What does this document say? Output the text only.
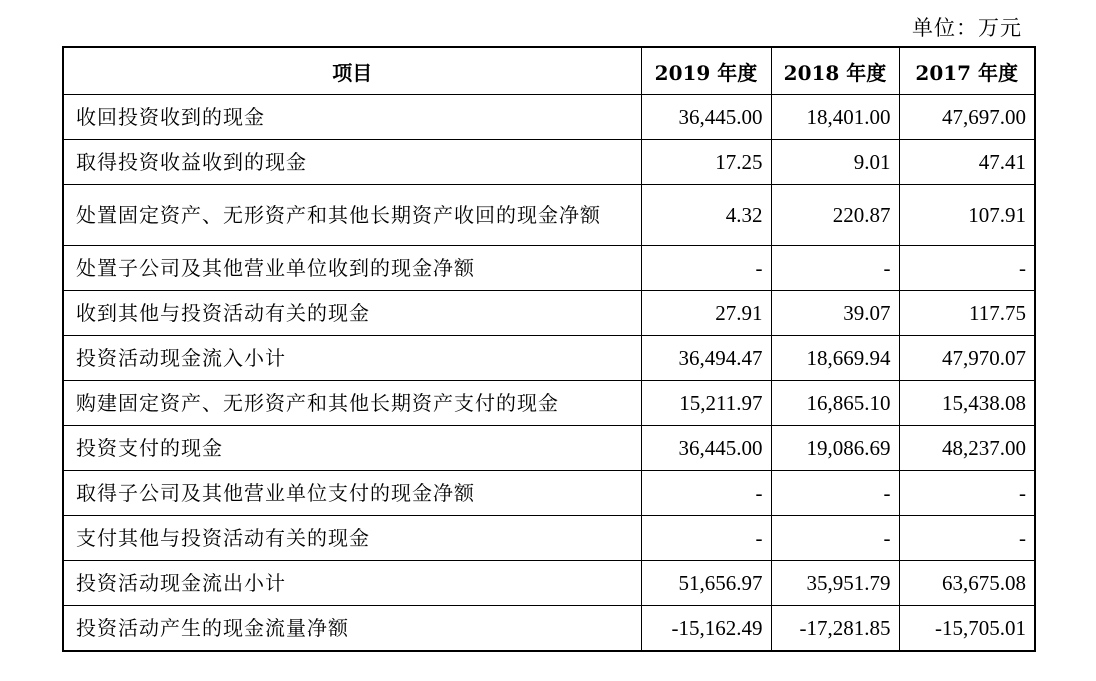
单位：万元
项目	2019 年度	2018 年度	2017 年度
收回投资收到的现金	36,445.00	18,401.00	47,697.00
取得投资收益收到的现金	17.25	9.01	47.41
处置固定资产、无形资产和其他长期资产收回的现金净额	4.32	220.87	107.91
处置子公司及其他营业单位收到的现金净额	-	-	-
收到其他与投资活动有关的现金	27.91	39.07	117.75
投资活动现金流入小计	36,494.47	18,669.94	47,970.07
购建固定资产、无形资产和其他长期资产支付的现金	15,211.97	16,865.10	15,438.08
投资支付的现金	36,445.00	19,086.69	48,237.00
取得子公司及其他营业单位支付的现金净额	-	-	-
支付其他与投资活动有关的现金	-	-	-
投资活动现金流出小计	51,656.97	35,951.79	63,675.08
投资活动产生的现金流量净额	-15,162.49	-17,281.85	-15,705.01
